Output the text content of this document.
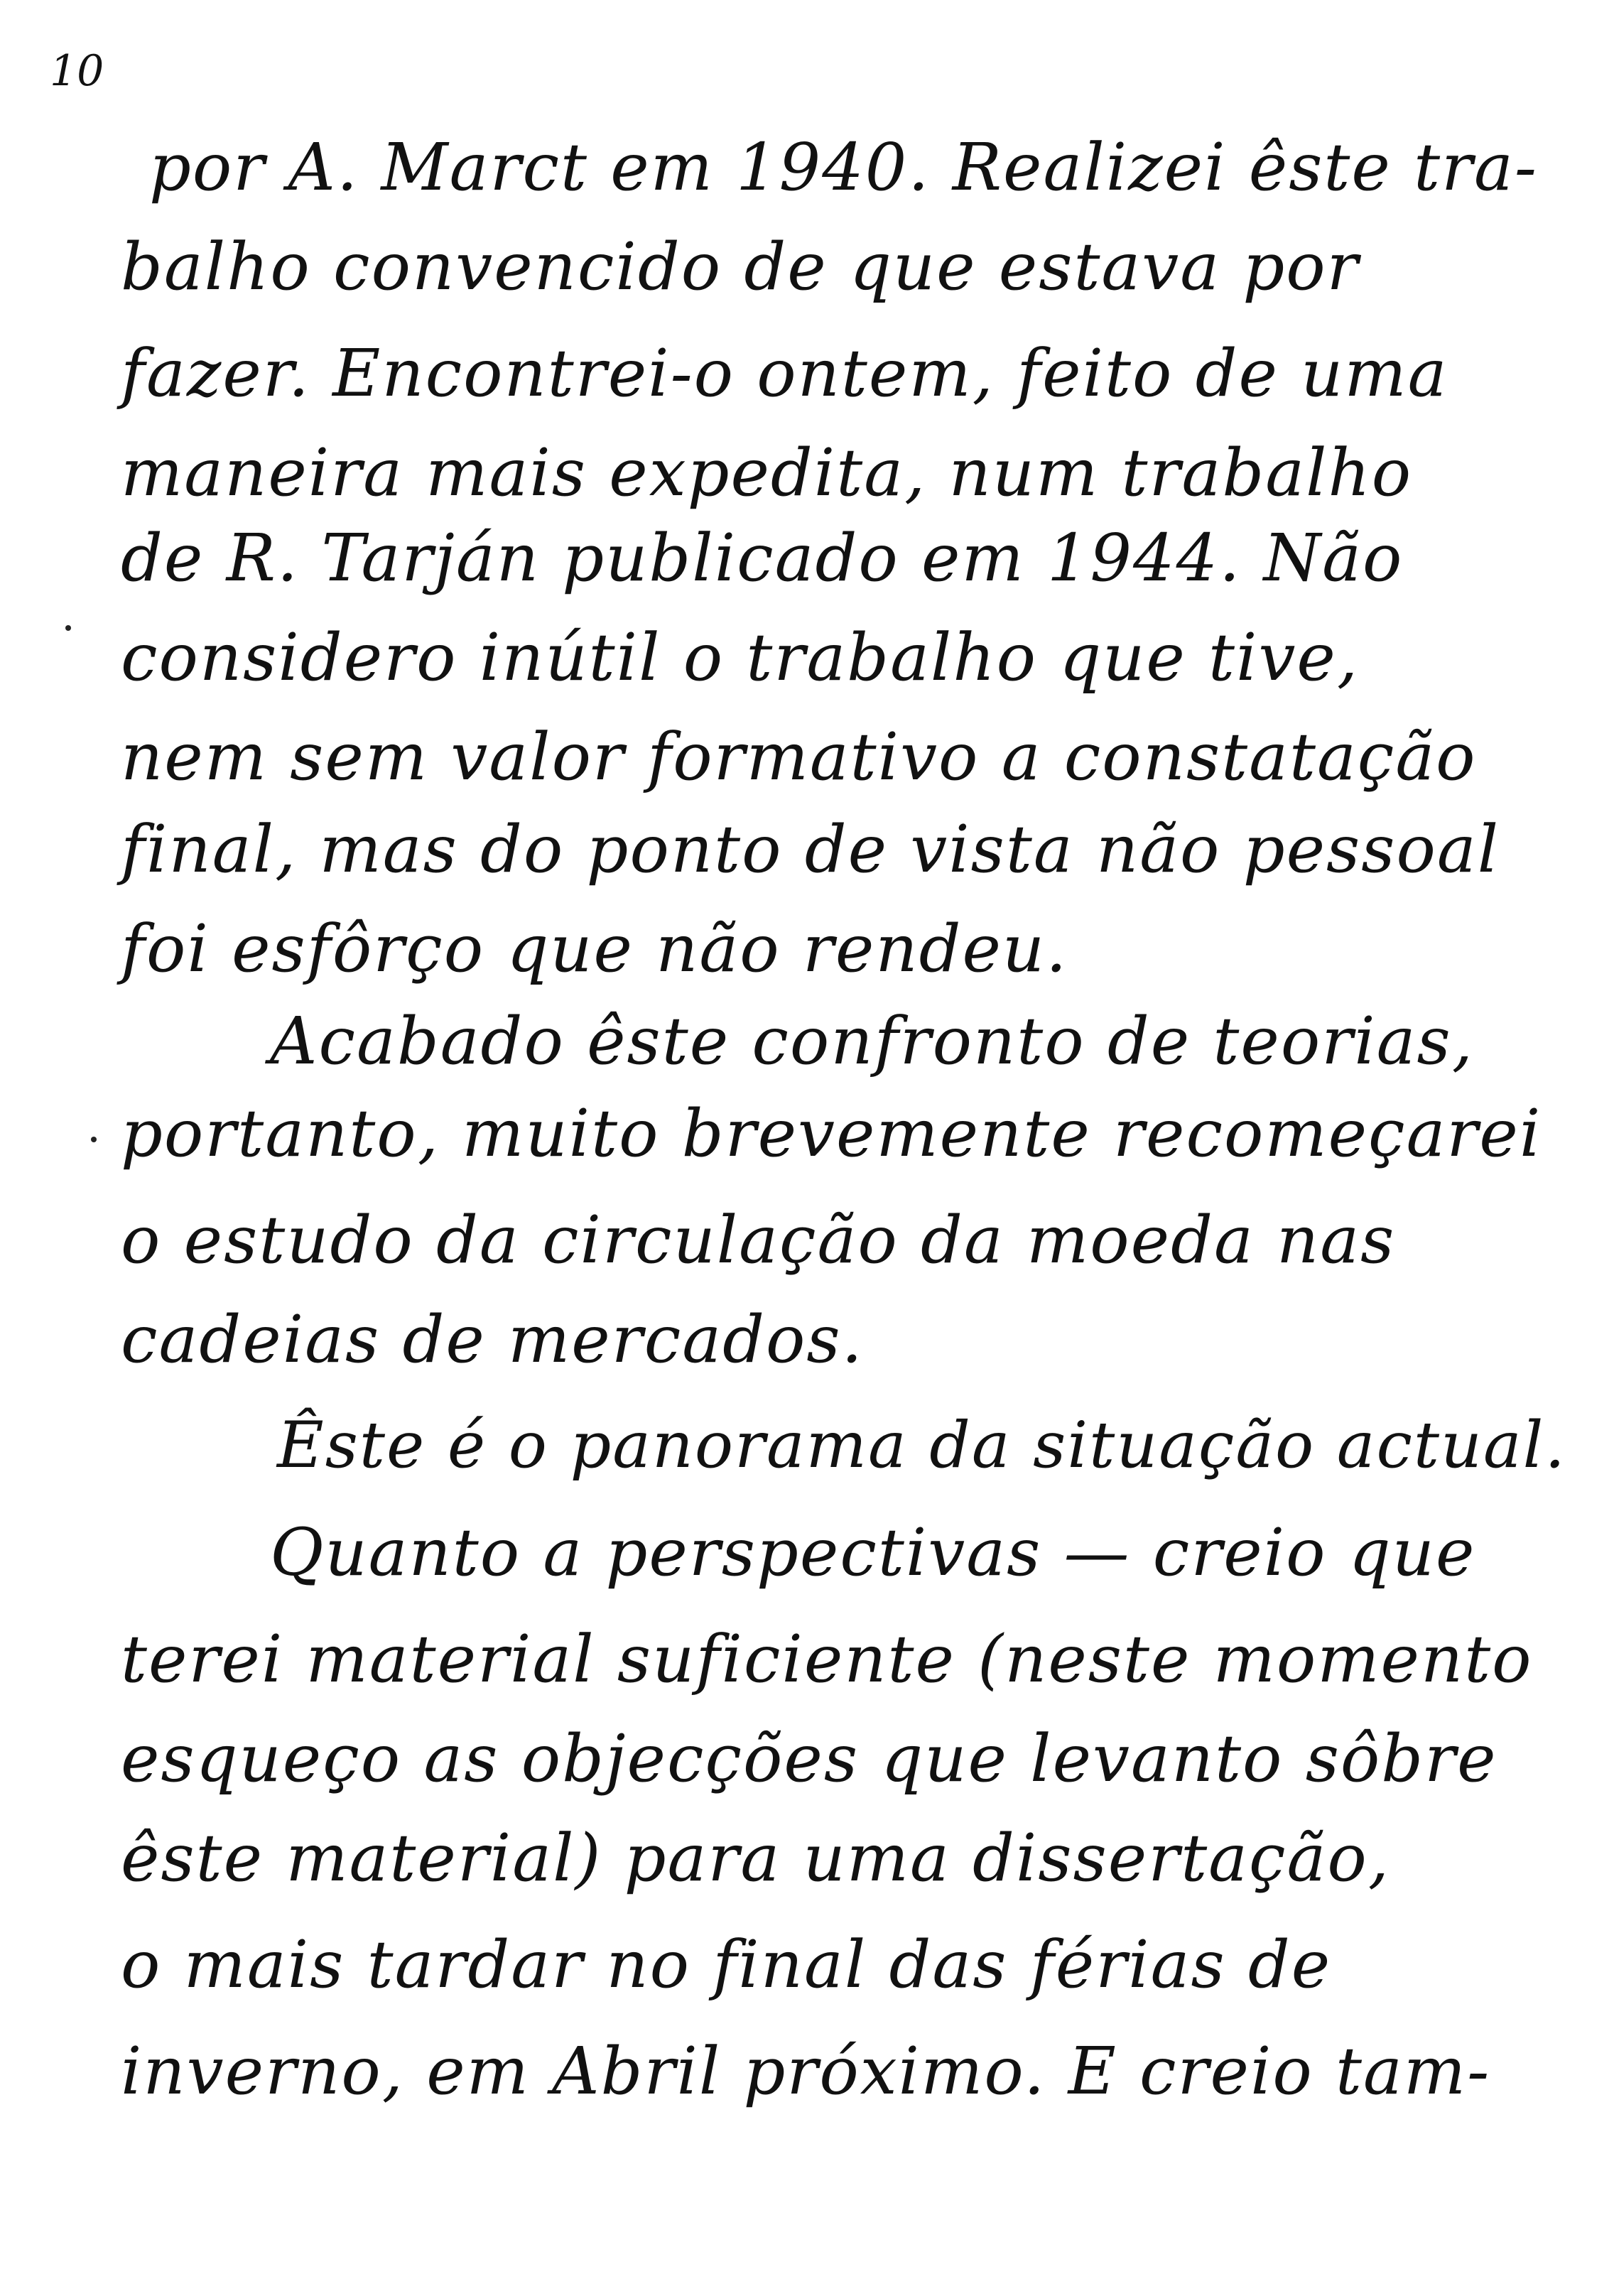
10
por A. Marct em 1940. Realizei êste tra-
balho convencido de que estava por
fazer. Encontrei-o ontem, feito de uma
maneira mais expedita, num trabalho
de R. Tarján publicado em 1944. Não
considero inútil o trabalho que tive,
nem sem valor formativo a constatação
final, mas do ponto de vista não pessoal
foi esfôrço que não rendeu.
Acabado êste confronto de teorias,
portanto, muito brevemente recomeçarei
o estudo da circulação da moeda nas
cadeias de mercados.
Êste é o panorama da situação actual.
Quanto a perspectivas — creio que
terei material suficiente (neste momento
esqueço as objecções que levanto sôbre
êste material) para uma dissertação,
o mais tardar no final das férias de
inverno, em Abril próximo. E creio tam-
